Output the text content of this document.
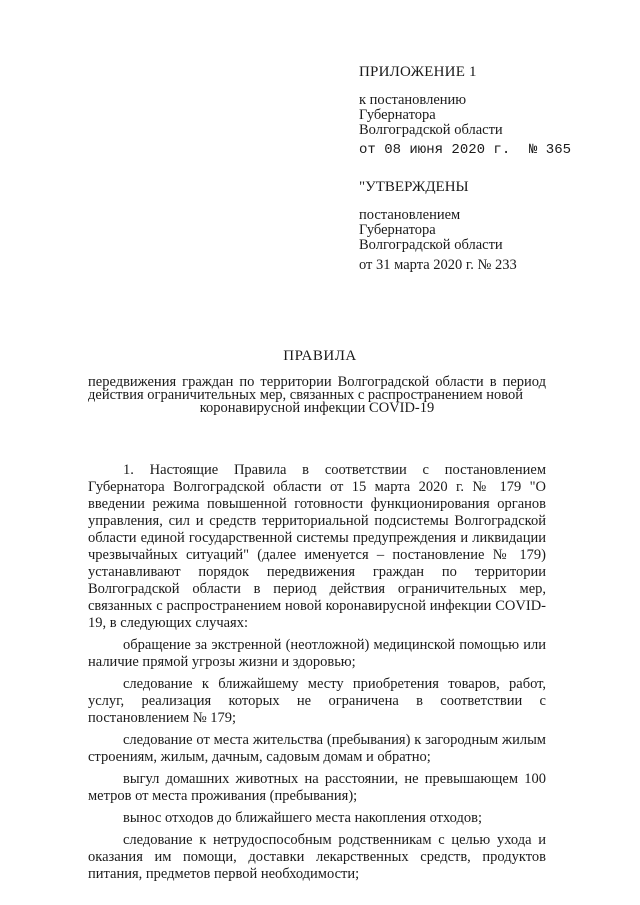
ПРИЛОЖЕНИЕ 1
к постановлению
Губернатора
Волгоградской области
от 08 июня 2020 г. № 365
"УТВЕРЖДЕНЫ
постановлением
Губернатора
Волгоградской области
от 31 марта 2020 г. № 233
ПРАВИЛА
передвижения граждан по территории Волгоградской области в период действия ограничительных мер, связанных с распространением новой
коронавирусной инфекции COVID-19

1. Настоящие Правила в соответствии с постановлением Губернатора Волгоградской области от 15 марта 2020 г. № 179 "О введении режима повышенной готовности функционирования органов управления, сил и средств территориальной подсистемы Волгоградской области единой государственной системы предупреждения и ликвидации чрезвычайных ситуаций" (далее именуется – постановление № 179) устанавливают порядок передвижения граждан по территории Волгоградской области в период действия ограничительных мер, связанных с распространением новой коронавирусной инфекции COVID-19, в следующих случаях:

обращение за экстренной (неотложной) медицинской помощью или наличие прямой угрозы жизни и здоровью;

следование к ближайшему месту приобретения товаров, работ, услуг, реализация которых не ограничена в соответствии с постановлением № 179;

следование от места жительства (пребывания) к загородным жилым строениям, жилым, дачным, садовым домам и обратно;

выгул домашних животных на расстоянии, не превышающем 100 метров от места проживания (пребывания);

вынос отходов до ближайшего места накопления отходов;

следование к нетрудоспособным родственникам с целью ухода и оказания им помощи, доставки лекарственных средств, продуктов питания, предметов первой необходимости;
